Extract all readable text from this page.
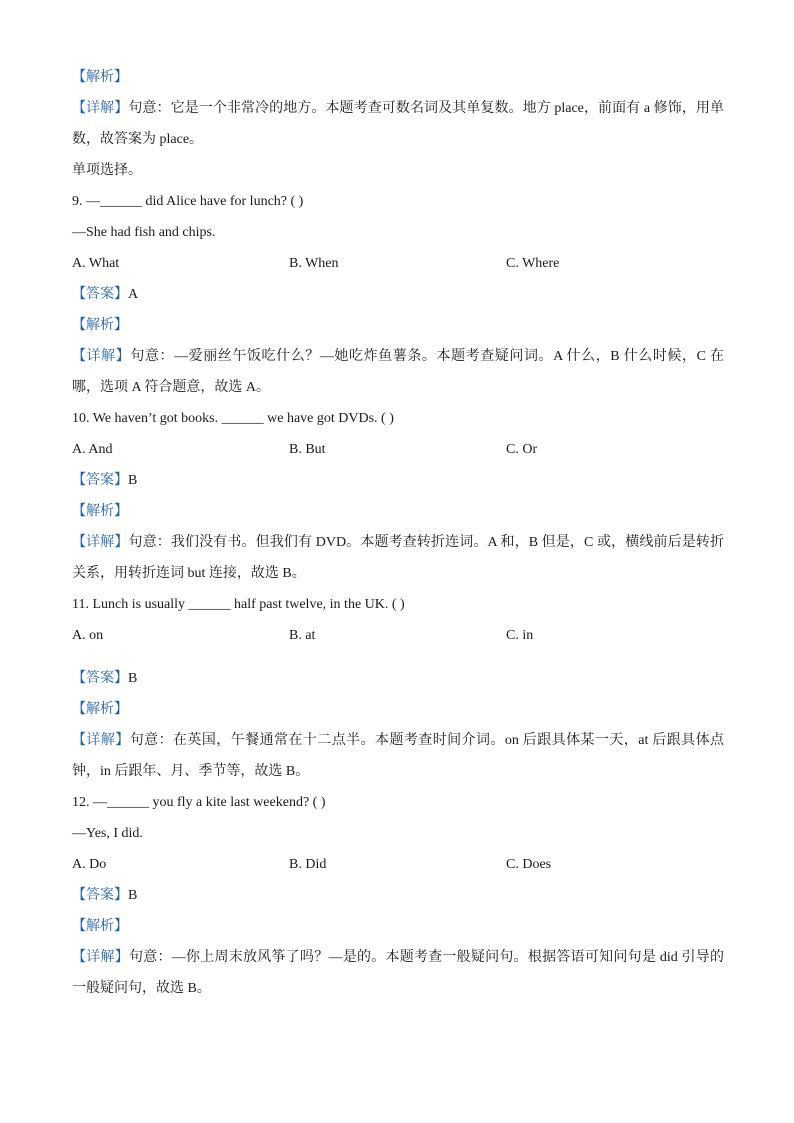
【解析】
【详解】句意：它是一个非常冷的地方。本题考查可数名词及其单复数。地方 place，前面有 a 修饰，用单数，故答案为 place。
单项选择。
9. —______ did Alice have for lunch? ( )
—She had fish and chips.
A. What	B. When	C. Where
【答案】A
【解析】
【详解】句意：—爱丽丝午饭吃什么？—她吃炸鱼薯条。本题考查疑问词。A 什么，B 什么时候，C 在哪，选项 A 符合题意，故选 A。
10. We haven’t got books. ______ we have got DVDs. ( )
A. And	B. But	C. Or
【答案】B
【解析】
【详解】句意：我们没有书。但我们有 DVD。本题考查转折连词。A 和，B 但是，C 或，横线前后是转折关系，用转折连词 but 连接，故选 B。
11. Lunch is usually ______ half past twelve, in the UK. ( )
A. on	B. at	C. in
【答案】B
【解析】
【详解】句意：在英国，午餐通常在十二点半。本题考查时间介词。on 后跟具体某一天，at 后跟具体点钟，in 后跟年、月、季节等，故选 B。
12. —______ you fly a kite last weekend? ( )
—Yes, I did.
A. Do	B. Did	C. Does
【答案】B
【解析】
【详解】句意：—你上周末放风筝了吗？—是的。本题考查一般疑问句。根据答语可知问句是 did 引导的一般疑问句，故选 B。
